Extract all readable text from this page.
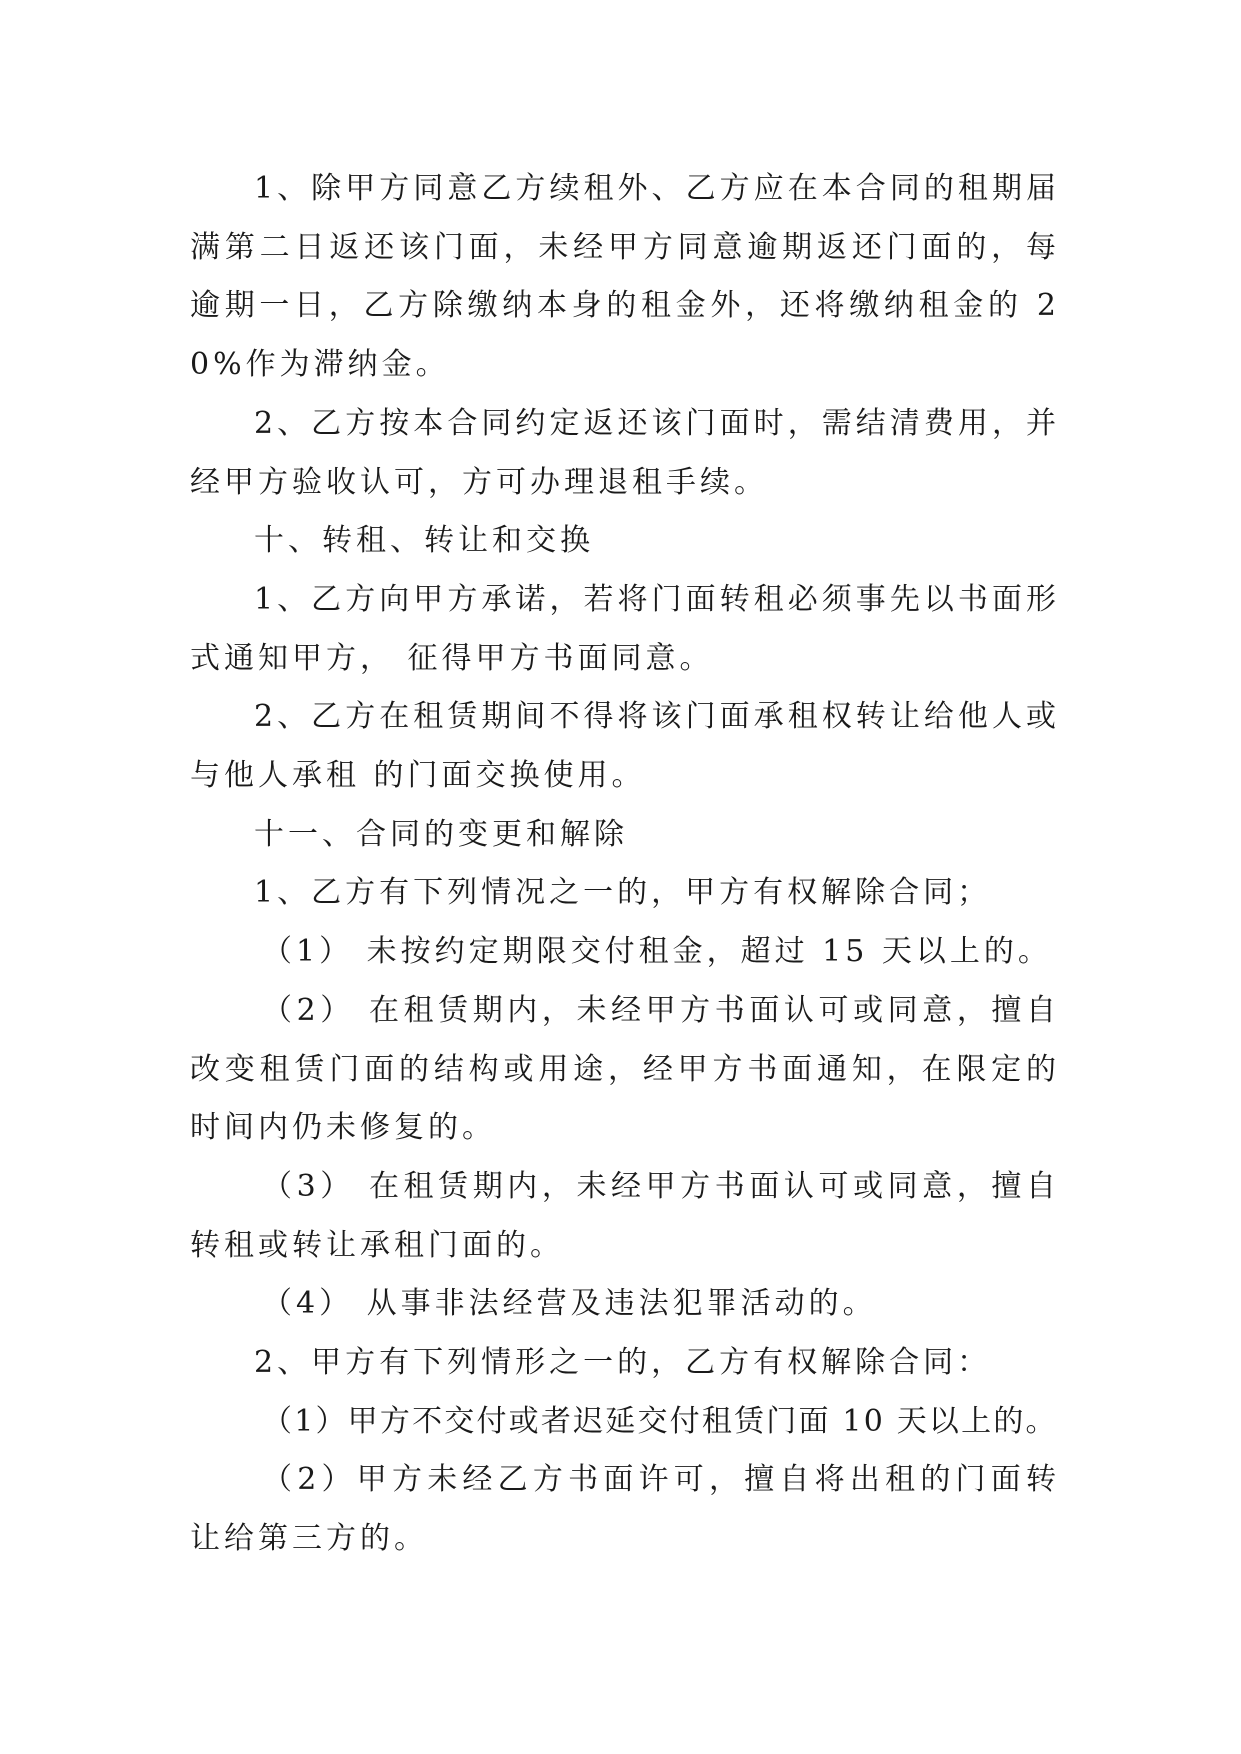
1、除甲方同意乙方续租外、乙方应在本合同的租期届满第二日返还该门面，未经甲方同意逾期返还门面的，每逾期一日，乙方除缴纳本身的租金外，还将缴纳租金的 20%作为滞纳金。

2、乙方按本合同约定返还该门面时，需结清费用，并经甲方验收认可，方可办理退租手续。

十、转租、转让和交换

1、乙方向甲方承诺，若将门面转租必须事先以书面形式通知甲方， 征得甲方书面同意。

2、乙方在租赁期间不得将该门面承租权转让给他人或与他人承租 的门面交换使用。

十一、合同的变更和解除

1、乙方有下列情况之一的，甲方有权解除合同；

（1） 未按约定期限交付租金，超过 15 天以上的。

（2） 在租赁期内，未经甲方书面认可或同意，擅自改变租赁门面的结构或用途，经甲方书面通知，在限定的时间内仍未修复的。

（3） 在租赁期内，未经甲方书面认可或同意，擅自转租或转让承租门面的。

（4） 从事非法经营及违法犯罪活动的。

2、甲方有下列情形之一的，乙方有权解除合同：

（1）甲方不交付或者迟延交付租赁门面 10 天以上的。

（2）甲方未经乙方书面许可，擅自将出租的门面转让给第三方的。
